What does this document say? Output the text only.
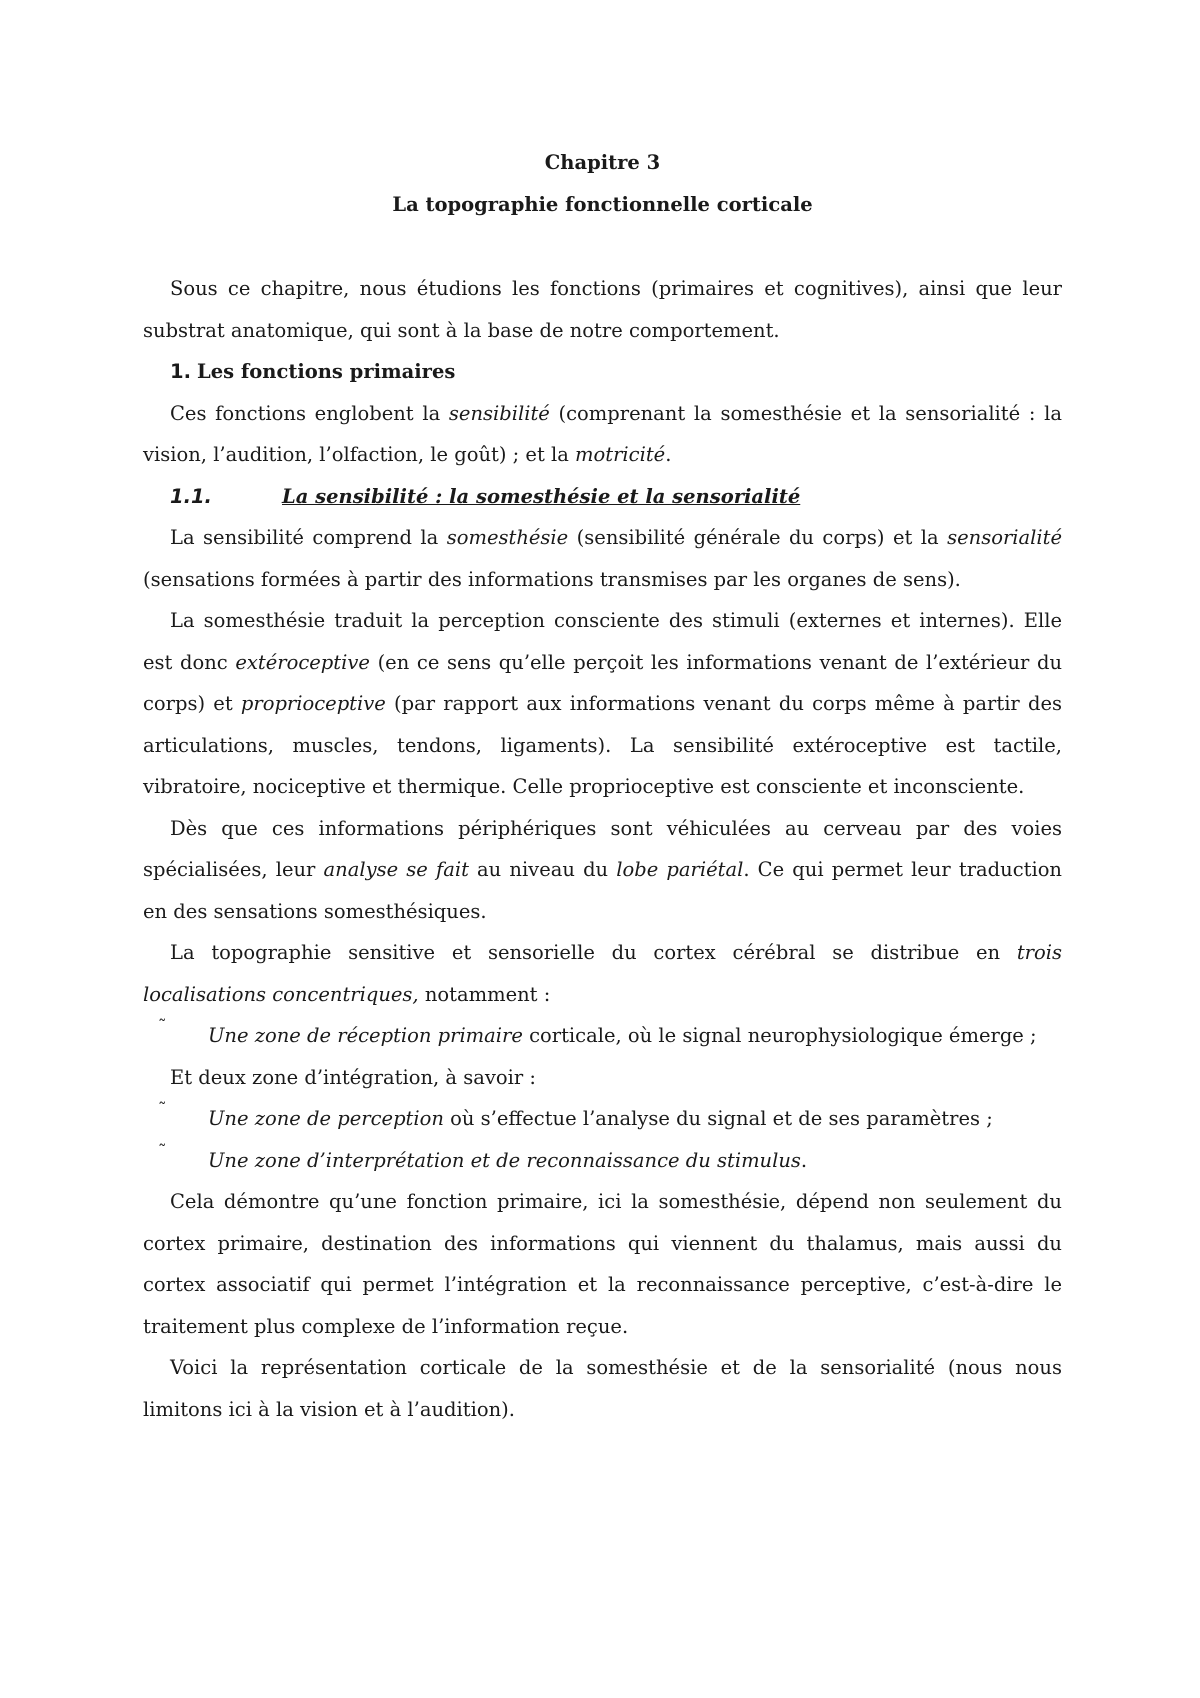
Chapitre 3
La topographie fonctionnelle corticale

Sous ce chapitre, nous étudions les fonctions (primaires et cognitives), ainsi que leur substrat anatomique, qui sont à la base de notre comportement.

1. Les fonctions primaires

Ces fonctions englobent la sensibilité (comprenant la somesthésie et la sensorialité : la vision, l’audition, l’olfaction, le goût) ; et la motricité.

1.1.	La sensibilité : la somesthésie et la sensorialité

La sensibilité comprend la somesthésie (sensibilité générale du corps) et la sensorialité (sensations formées à partir des informations transmises par les organes de sens).

La somesthésie traduit la perception consciente des stimuli (externes et internes). Elle est donc extéroceptive (en ce sens qu’elle perçoit les informations venant de l’extérieur du corps) et proprioceptive (par rapport aux informations venant du corps même à partir des articulations, muscles, tendons, ligaments). La sensibilité extéroceptive est tactile, vibratoire, nociceptive et thermique. Celle proprioceptive est consciente et inconsciente.

Dès que ces informations périphériques sont véhiculées au cerveau par des voies spécialisées, leur analyse se fait au niveau du lobe pariétal. Ce qui permet leur traduction en des sensations somesthésiques.

La topographie sensitive et sensorielle du cortex cérébral se distribue en trois localisations concentriques, notamment :

˜ Une zone de réception primaire corticale, où le signal neurophysiologique émerge ;

Et deux zone d’intégration, à savoir :

˜ Une zone de perception où s’effectue l’analyse du signal et de ses paramètres ;

˜ Une zone d’interprétation et de reconnaissance du stimulus.

Cela démontre qu’une fonction primaire, ici la somesthésie, dépend non seulement du cortex primaire, destination des informations qui viennent du thalamus, mais aussi du cortex associatif qui permet l’intégration et la reconnaissance perceptive, c’est-à-dire le traitement plus complexe de l’information reçue.

Voici la représentation corticale de la somesthésie et de la sensorialité (nous nous limitons ici à la vision et à l’audition).
